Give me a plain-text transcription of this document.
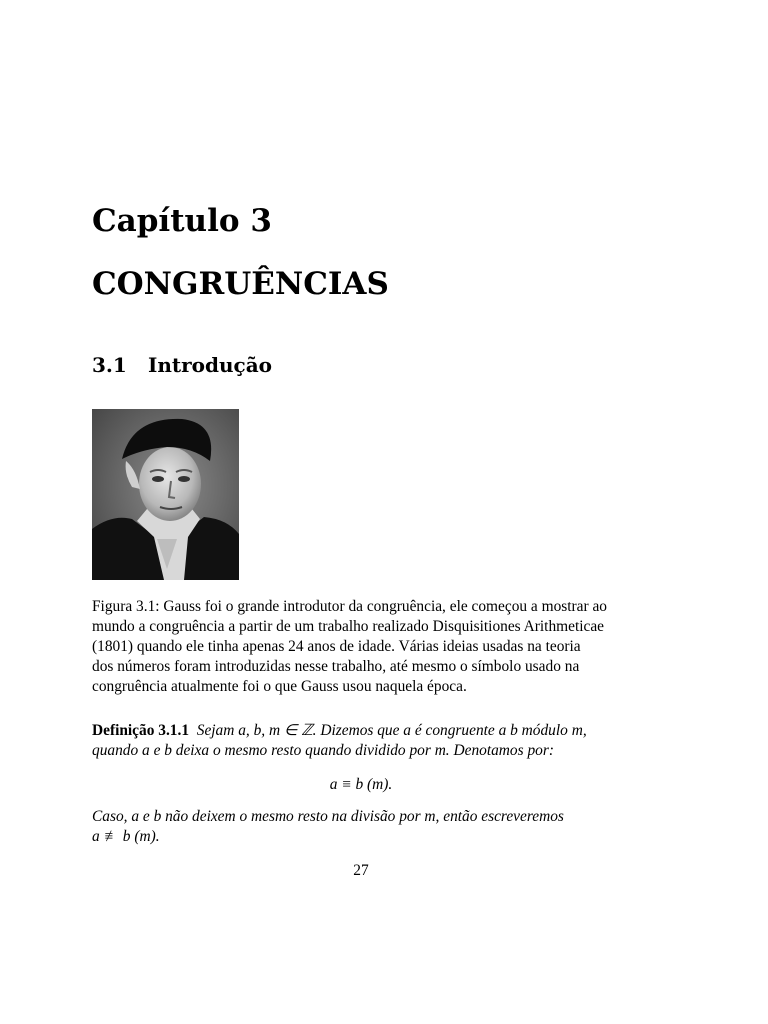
Capítulo 3
CONGRUÊNCIAS
3.1 Introdução
Figura 3.1: Gauss foi o grande introdutor da congruência, ele começou a mostrar ao
mundo a congruência a partir de um trabalho realizado Disquisitiones Arithmeticae
(1801) quando ele tinha apenas 24 anos de idade. Várias ideias usadas na teoria
dos números foram introduzidas nesse trabalho, até mesmo o símbolo usado na
congruência atualmente foi o que Gauss usou naquela época.
Definição 3.1.1 Sejam a, b, m ∈ ℤ. Dizemos que a é congruente a b módulo m,
quando a e b deixa o mesmo resto quando dividido por m. Denotamos por:
a ≡ b (m).
Caso, a e b não deixem o mesmo resto na divisão por m, então escreveremos
a ≢ b (m).
27
